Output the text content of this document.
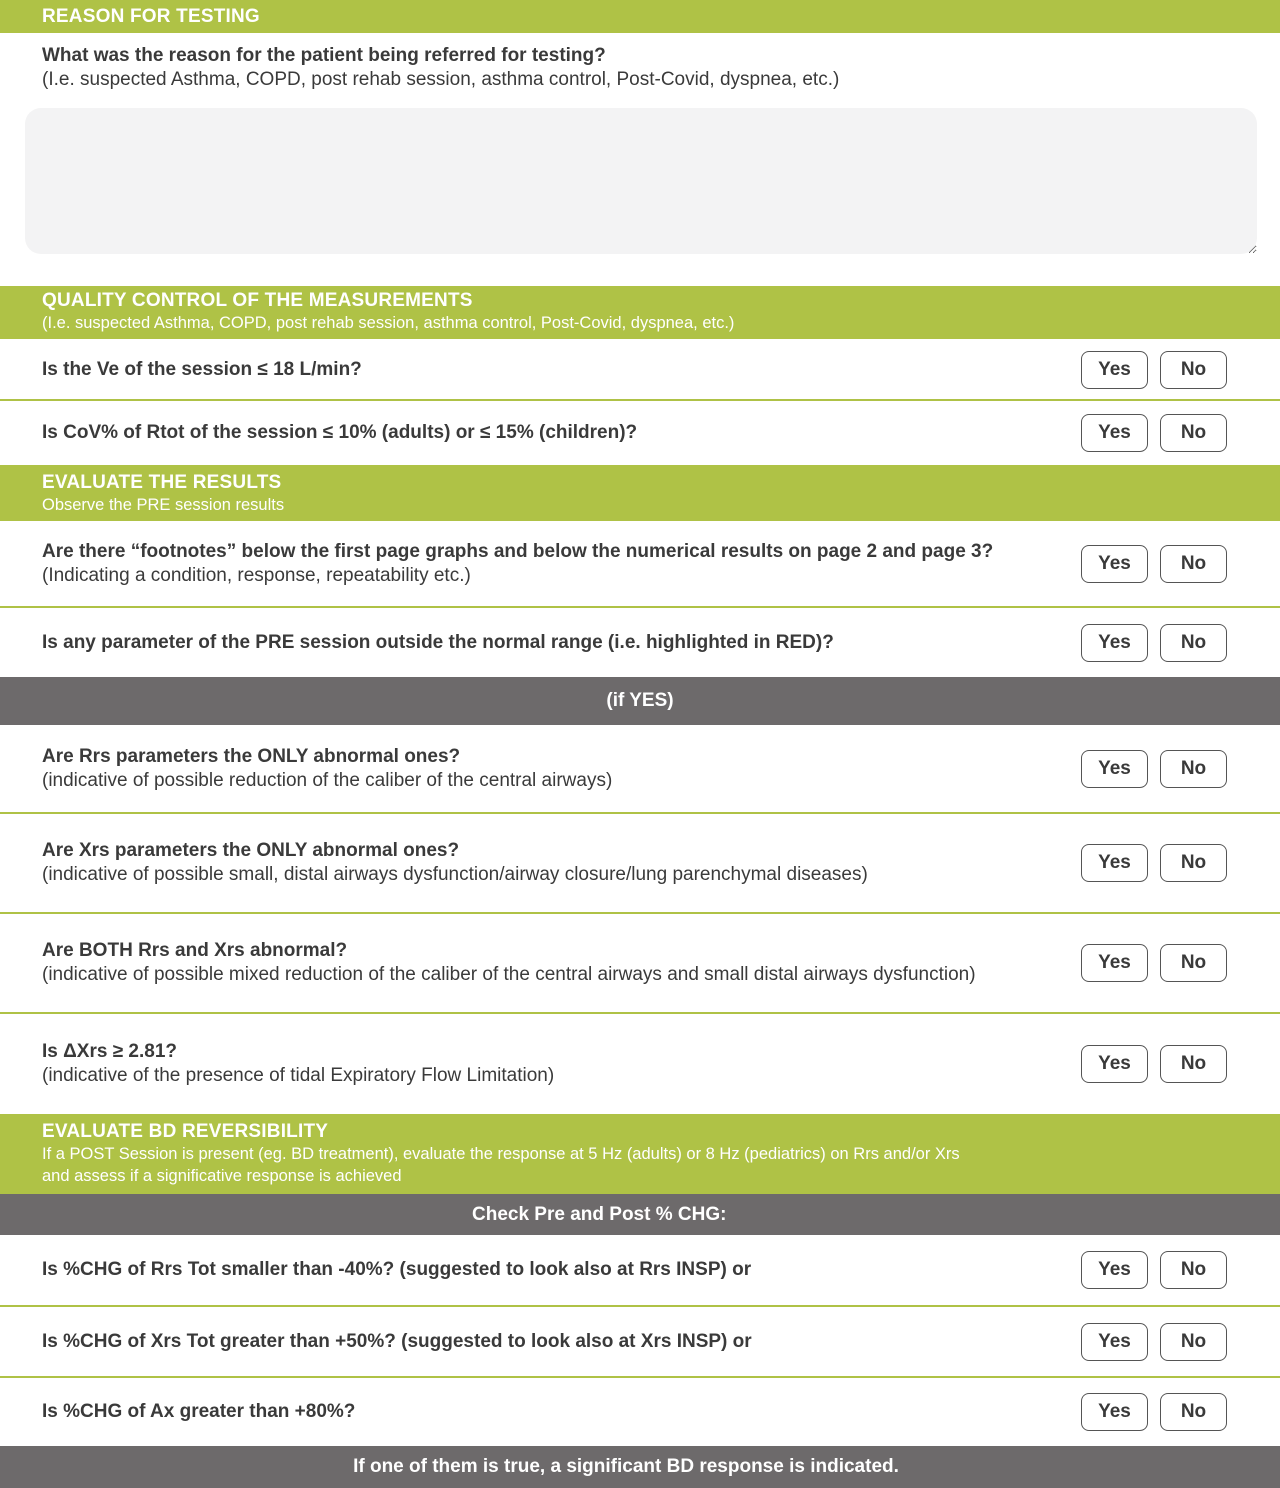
REASON FOR TESTING
What was the reason for the patient being referred for testing?
(I.e. suspected Asthma, COPD, post rehab session, asthma control, Post-Covid, dyspnea, etc.)
QUALITY CONTROL OF THE MEASUREMENTS
(I.e. suspected Asthma, COPD, post rehab session, asthma control, Post-Covid, dyspnea, etc.)
Is the Ve of the session ≤ 18 L/min?	Yes	No
Is CoV% of Rtot of the session ≤ 10% (adults) or ≤ 15% (children)?	Yes	No
EVALUATE THE RESULTS
Observe the PRE session results
Are there “footnotes” below the first page graphs and below the numerical results on page 2 and page 3?
(Indicating a condition, response, repeatability etc.)
Yes	No
Is any parameter of the PRE session outside the normal range (i.e. highlighted in RED)?	Yes	No
(if YES)
Are Rrs parameters the ONLY abnormal ones?
(indicative of possible reduction of the caliber of the central airways)
Yes	No
Are Xrs parameters the ONLY abnormal ones?
(indicative of possible small, distal airways dysfunction/airway closure/lung parenchymal diseases)
Yes	No
Are BOTH Rrs and Xrs abnormal?
(indicative of possible mixed reduction of the caliber of the central airways and small distal airways dysfunction)
Yes	No
Is ΔXrs ≥ 2.81?
(indicative of the presence of tidal Expiratory Flow Limitation)
Yes	No
EVALUATE BD REVERSIBILITY
If a POST Session is present (eg. BD treatment), evaluate the response at 5 Hz (adults) or 8 Hz (pediatrics) on Rrs and/or Xrs
and assess if a significative response is achieved
Check Pre and Post % CHG:
Is %CHG of Rrs Tot smaller than -40%? (suggested to look also at Rrs INSP) or	Yes	No
Is %CHG of Xrs Tot greater than +50%? (suggested to look also at Xrs INSP) or	Yes	No
Is %CHG of Ax greater than +80%?	Yes	No
If one of them is true, a significant BD response is indicated.
